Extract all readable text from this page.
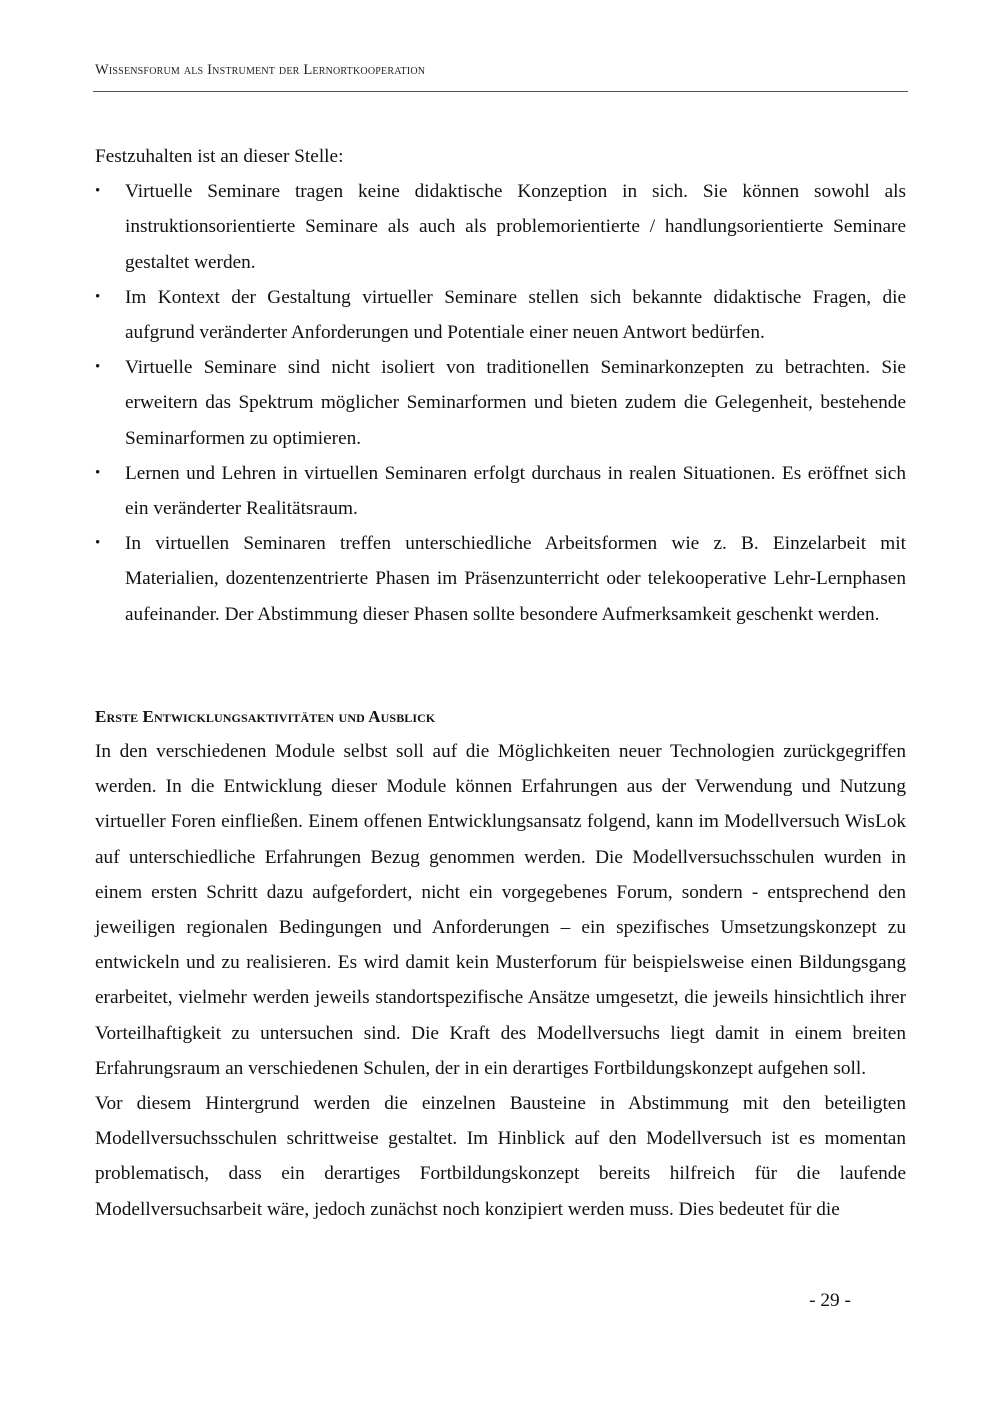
Wissensforum als Instrument der Lernortkooperation

Festzuhalten ist an dieser Stelle:

•	Virtuelle Seminare tragen keine didaktische Konzeption in sich. Sie können sowohl als instruktionsorientierte Seminare als auch als problemorientierte / handlungsorientierte Seminare gestaltet werden.
•	Im Kontext der Gestaltung virtueller Seminare stellen sich bekannte didaktische Fragen, die aufgrund veränderter Anforderungen und Potentiale einer neuen Antwort bedürfen.
•	Virtuelle Seminare sind nicht isoliert von traditionellen Seminarkonzepten zu betrachten. Sie erweitern das Spektrum möglicher Seminarformen und bieten zudem die Gelegenheit, bestehende Seminarformen zu optimieren.
•	Lernen und Lehren in virtuellen Seminaren erfolgt durchaus in realen Situationen. Es eröffnet sich ein veränderter Realitätsraum.
•	In virtuellen Seminaren treffen unterschiedliche Arbeitsformen wie z. B. Einzelarbeit mit Materialien, dozentenzentrierte Phasen im Präsenzunterricht oder telekooperative Lehr-Lernphasen aufeinander. Der Abstimmung dieser Phasen sollte besondere Aufmerksamkeit geschenkt werden.

Erste Entwicklungsaktivitäten und Ausblick

In den verschiedenen Module selbst soll auf die Möglichkeiten neuer Technologien zurückgegriffen werden. In die Entwicklung dieser Module können Erfahrungen aus der Verwendung und Nutzung virtueller Foren einfließen. Einem offenen Entwicklungsansatz folgend, kann im Modellversuch WisLok auf unterschiedliche Erfahrungen Bezug genommen werden. Die Modellversuchsschulen wurden in einem ersten Schritt dazu aufgefordert, nicht ein vorgegebenes Forum, sondern - entsprechend den jeweiligen regionalen Bedingungen und Anforderungen – ein spezifisches Umsetzungskonzept zu entwickeln und zu realisieren. Es wird damit kein Musterforum für beispielsweise einen Bildungsgang erarbeitet, vielmehr werden jeweils standortspezifische Ansätze umgesetzt, die jeweils hinsichtlich ihrer Vorteilhaftigkeit zu untersuchen sind. Die Kraft des Modellversuchs liegt damit in einem breiten Erfahrungsraum an verschiedenen Schulen, der in ein derartiges Fortbildungskonzept aufgehen soll.

Vor diesem Hintergrund werden die einzelnen Bausteine in Abstimmung mit den beteiligten Modellversuchsschulen schrittweise gestaltet. Im Hinblick auf den Modellversuch ist es momentan problematisch, dass ein derartiges Fortbildungskonzept bereits hilfreich für die laufende Modellversuchsarbeit wäre, jedoch zunächst noch konzipiert werden muss. Dies bedeutet für die

- 29 -
